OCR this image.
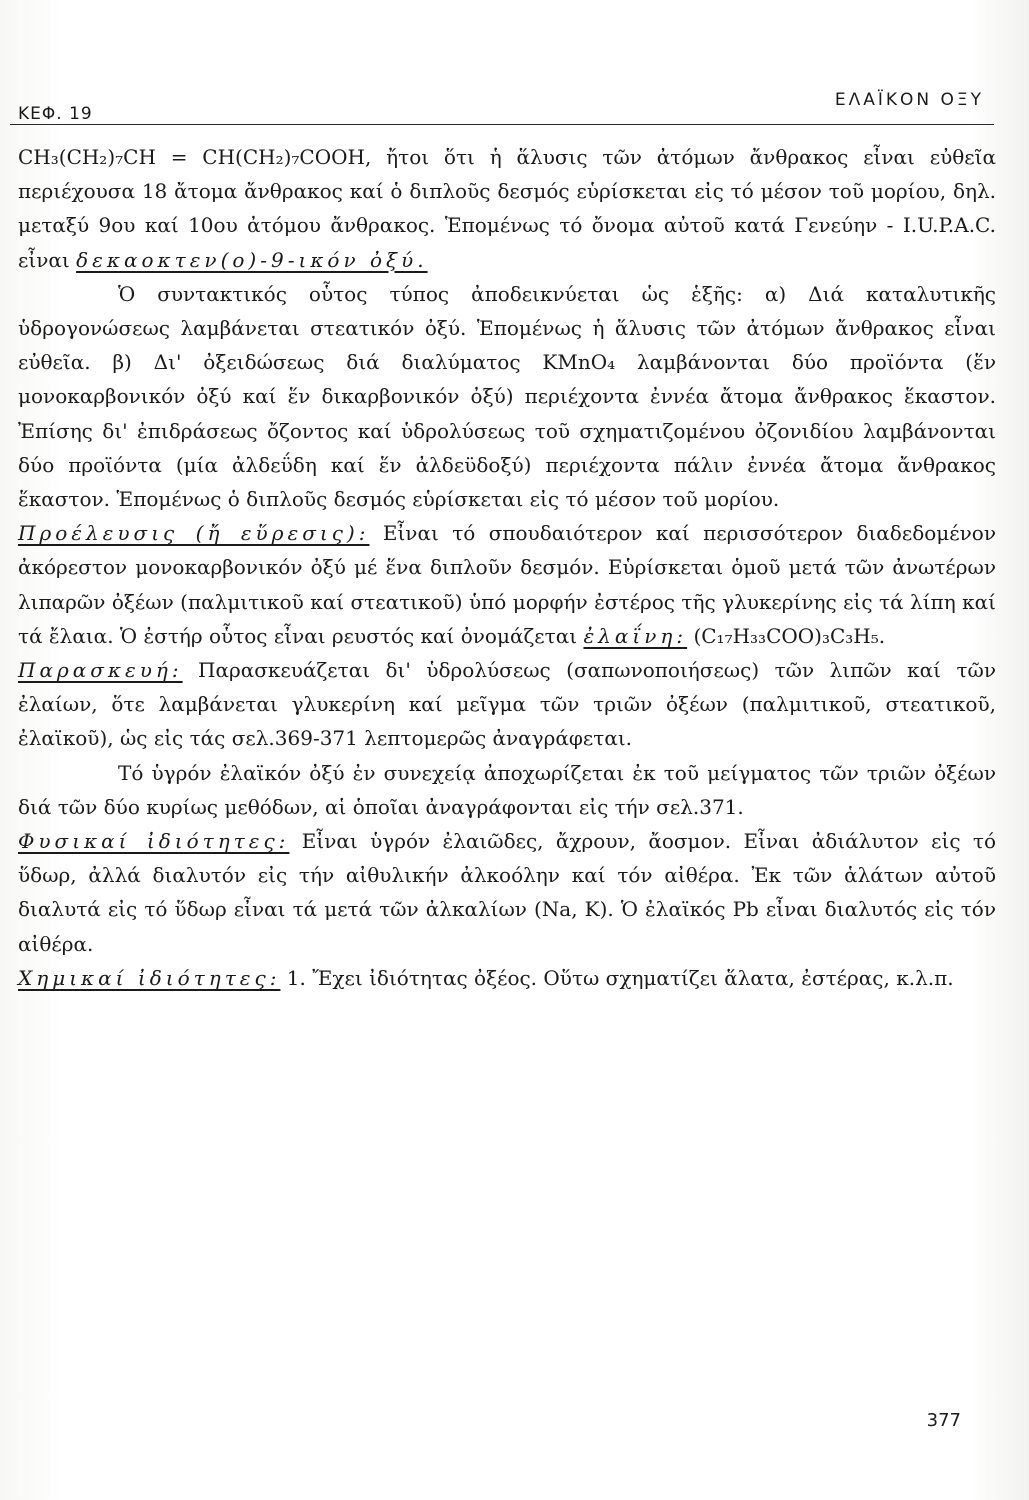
ΚΕΦ. 19
ΕΛΑΪΚΟΝ ΟΞΥ

CH₃(CH₂)₇CH = CH(CH₂)₇COOH, ἤτοι ὅτι ἡ ἅλυσις τῶν ἀτόμων ἄνθρακος εἶναι εὐθεῖα περιέχουσα 18 ἄτομα ἄνθρακος καί ὁ διπλοῦς δεσμός εὑρίσκεται εἰς τό μέσον τοῦ μορίου, δηλ. μεταξύ 9ου καί 10ου ἀτόμου ἄνθρακος. Ἑπομένως τό ὄνομα αὐτοῦ κατά Γενεύην - I.U.P.A.C. εἶναι δεκαοκτεν(ο)-9-ικόν ὀξύ.

Ὁ συντακτικός οὗτος τύπος ἀποδεικνύεται ὡς ἑξῆς: α) Διά καταλυτικῆς ὑδρογονώσεως λαμβάνεται στεατικόν ὀξύ. Ἑπομένως ἡ ἅλυσις τῶν ἀτόμων ἄνθρακος εἶναι εὐθεῖα. β) Δι' ὀξειδώσεως διά διαλύματος KMnO₄ λαμβάνονται δύο προϊόντα (ἕν μονοκαρβονικόν ὀξύ καί ἕν δικαρβονικόν ὀξύ) περιέχοντα ἐννέα ἄτομα ἄνθρακος ἕκαστον. Ἐπίσης δι' ἐπιδράσεως ὄζοντος καί ὑδρολύσεως τοῦ σχηματιζομένου ὀζονιδίου λαμβάνονται δύο προϊόντα (μία ἀλδεΰδη καί ἕν ἀλδεϋδοξύ) περιέχοντα πάλιν ἐννέα ἄτομα ἄνθρακος ἕκαστον. Ἑπομένως ὁ διπλοῦς δεσμός εὑρίσκεται εἰς τό μέσον τοῦ μορίου.

Προέλευσις (ἤ εὕρεσις): Εἶναι τό σπουδαιότερον καί περισσότερον διαδεδομένον ἀκόρεστον μονοκαρβονικόν ὀξύ μέ ἕνα διπλοῦν δεσμόν. Εὑρίσκεται ὁμοῦ μετά τῶν ἀνωτέρων λιπαρῶν ὀξέων (παλμιτικοῦ καί στεατικοῦ) ὑπό μορφήν ἐστέρος τῆς γλυκερίνης εἰς τά λίπη καί τά ἔλαια. Ὁ ἐστήρ οὗτος εἶναι ρευστός καί ὀνομάζεται ἐλαΐνη: (C₁₇H₃₃COO)₃C₃H₅.

Παρασκευή: Παρασκευάζεται δι' ὑδρολύσεως (σαπωνοποιήσεως) τῶν λιπῶν καί τῶν ἐλαίων, ὅτε λαμβάνεται γλυκερίνη καί μεῖγμα τῶν τριῶν ὀξέων (παλμιτικοῦ, στεατικοῦ, ἐλαϊκοῦ), ὡς εἰς τάς σελ.369-371 λεπτομερῶς ἀναγράφεται.

Τό ὑγρόν ἐλαϊκόν ὀξύ ἐν συνεχείᾳ ἀποχωρίζεται ἐκ τοῦ μείγματος τῶν τριῶν ὀξέων διά τῶν δύο κυρίως μεθόδων, αἱ ὁποῖαι ἀναγράφονται εἰς τήν σελ.371.

Φυσικαί ἰδιότητες: Εἶναι ὑγρόν ἐλαιῶδες, ἄχρουν, ἄοσμον. Εἶναι ἀδιάλυτον εἰς τό ὕδωρ, ἀλλά διαλυτόν εἰς τήν αἰθυλικήν ἀλκοόλην καί τόν αἰθέρα. Ἐκ τῶν ἁλάτων αὐτοῦ διαλυτά εἰς τό ὕδωρ εἶναι τά μετά τῶν ἀλκαλίων (Na, K). Ὁ ἐλαϊκός Pb εἶναι διαλυτός εἰς τόν αἰθέρα.

Χημικαί ἰδιότητες: 1. Ἔχει ἰδιότητας ὀξέος. Οὕτω σχηματίζει ἅλατα, ἐστέρας, κ.λ.π.

377
